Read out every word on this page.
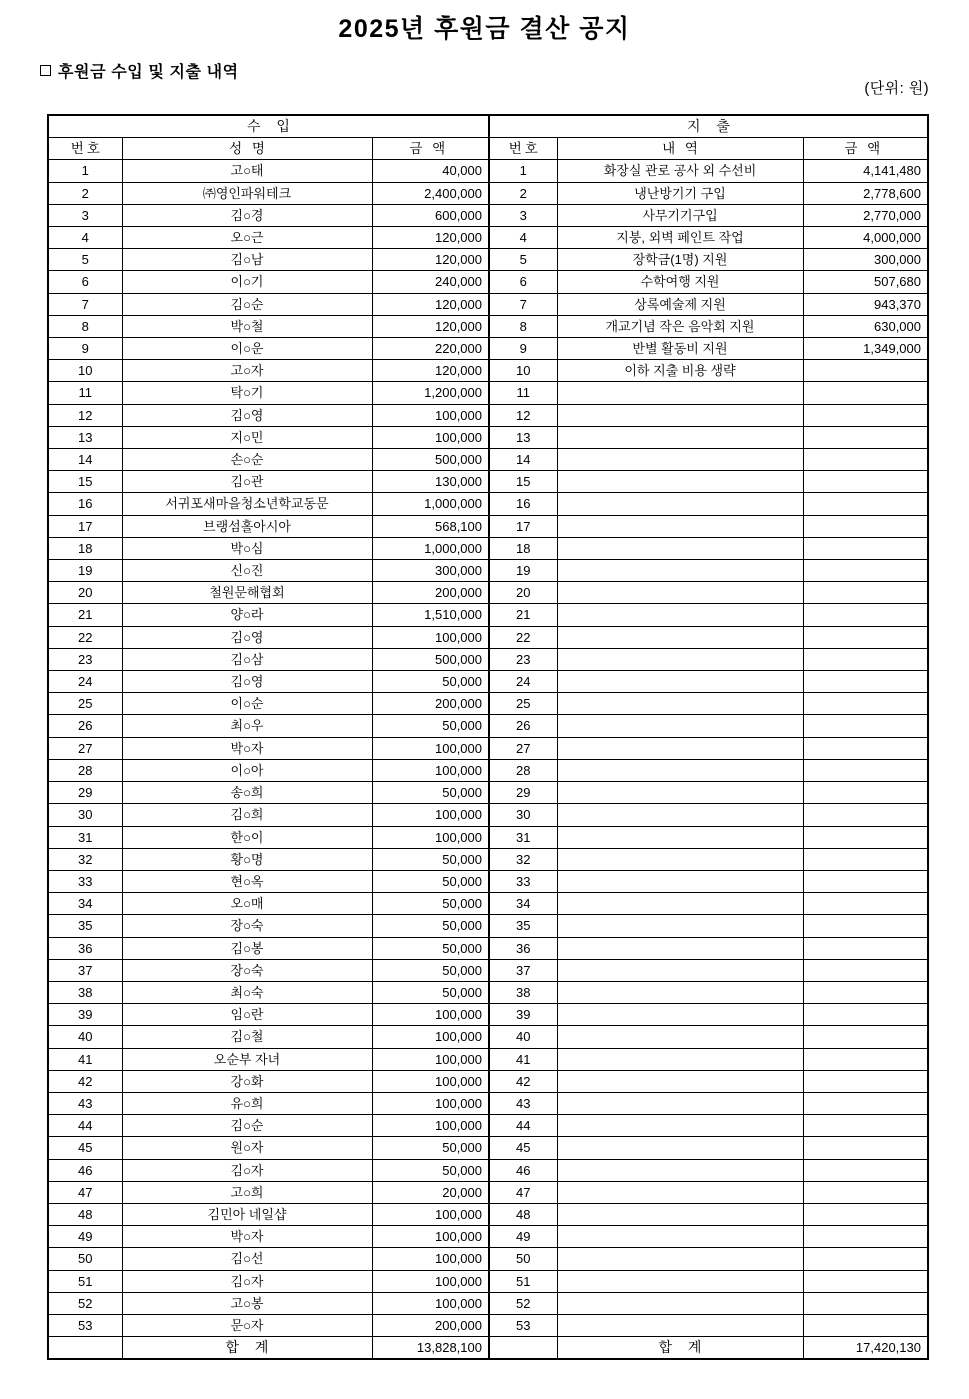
2025년 후원금 결산 공지
후원금 수입 및 지출 내역
(단위: 원)
수 입			지 출		
번호	성 명	금 액	번호	내 역	금 액
1	고○태	40,000	1	화장실 관로 공사 외 수선비	4,141,480
2	㈜영인파워테크	2,400,000	2	냉난방기기 구입	2,778,600
3	김○경	600,000	3	사무기기구입	2,770,000
4	오○근	120,000	4	지붕, 외벽 페인트 작업	4,000,000
5	김○남	120,000	5	장학금(1명) 지원	300,000
6	이○기	240,000	6	수학여행 지원	507,680
7	김○순	120,000	7	상록예술제 지원	943,370
8	박○철	120,000	8	개교기념 작은 음악회 지원	630,000
9	이○운	220,000	9	반별 활동비 지원	1,349,000
10	고○자	120,000	10	이하 지출 비용 생략	
11	탁○기	1,200,000	11		
12	김○영	100,000	12		
13	지○민	100,000	13		
14	손○순	500,000	14		
15	김○관	130,000	15		
16	서귀포새마을청소년학교동문	1,000,000	16		
17	브랭섬홀아시아	568,100	17		
18	박○심	1,000,000	18		
19	신○진	300,000	19		
20	철원문해협회	200,000	20		
21	양○라	1,510,000	21		
22	김○영	100,000	22		
23	김○삼	500,000	23		
24	김○영	50,000	24		
25	이○순	200,000	25		
26	최○우	50,000	26		
27	박○자	100,000	27		
28	이○아	100,000	28		
29	송○희	50,000	29		
30	김○희	100,000	30		
31	한○이	100,000	31		
32	황○명	50,000	32		
33	현○옥	50,000	33		
34	오○매	50,000	34		
35	장○숙	50,000	35		
36	김○봉	50,000	36		
37	장○숙	50,000	37		
38	최○숙	50,000	38		
39	임○란	100,000	39		
40	김○철	100,000	40		
41	오순부 자녀	100,000	41		
42	강○화	100,000	42		
43	유○희	100,000	43		
44	김○순	100,000	44		
45	원○자	50,000	45		
46	김○자	50,000	46		
47	고○희	20,000	47		
48	김민아 네일샵	100,000	48		
49	박○자	100,000	49		
50	김○선	100,000	50		
51	김○자	100,000	51		
52	고○봉	100,000	52		
53	문○자	200,000	53		
	합 계	13,828,100		합 계	17,420,130
